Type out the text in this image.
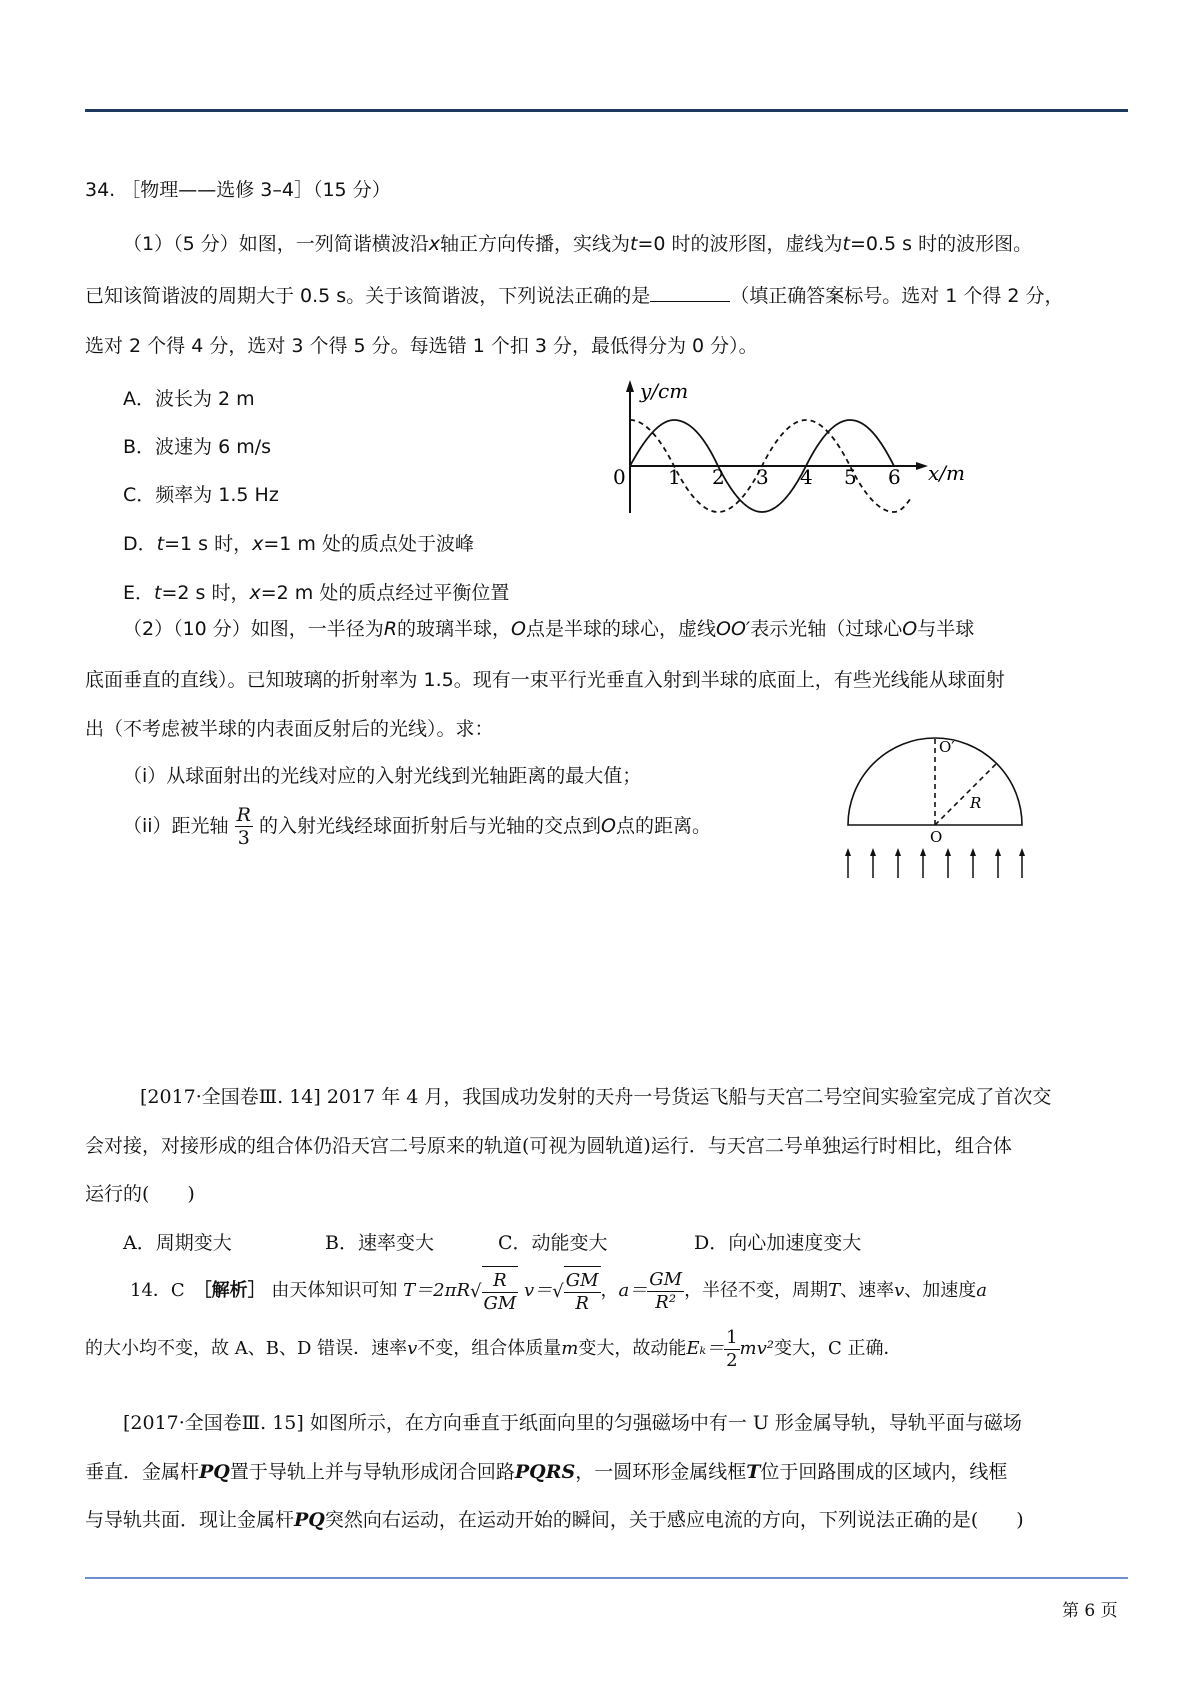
34. ［物理——选修 3–4］（15 分）
（1）（5 分）如图，一列简谐横波沿x轴正方向传播，实线为t=0 时的波形图，虚线为t=0.5 s 时的波形图。
已知该简谐波的周期大于 0.5 s。关于该简谐波，下列说法正确的是	（填正确答案标号。选对 1 个得 2 分，
选对 2 个得 4 分，选对 3 个得 5 分。每选错 1 个扣 3 分，最低得分为 0 分）。
A．波长为 2 m
B．波速为 6 m/s
C．频率为 1.5 Hz
D．t=1 s 时，x=1 m 处的质点处于波峰
E．t=2 s 时，x=2 m 处的质点经过平衡位置
y/cm
x/m
0 1 2 3 4 5 6
（2）（10 分）如图，一半径为R的玻璃半球，O点是半球的球心，虚线OO′表示光轴（过球心O与半球
底面垂直的直线）。已知玻璃的折射率为 1.5。现有一束平行光垂直入射到半球的底面上，有些光线能从球面射
出（不考虑被半球的内表面反射后的光线）。求：
（i）从球面射出的光线对应的入射光线到光轴距离的最大值；
（ii）距光轴 $\frac{R}{3}$ 的入射光线经球面折射后与光轴的交点到O点的距离。
O′
O
R
[2017·全国卷Ⅲ. 14] 2017 年 4 月，我国成功发射的天舟一号货运飞船与天宫二号空间实验室完成了首次交
会对接，对接形成的组合体仍沿天宫二号原来的轨道(可视为圆轨道)运行．与天宫二号单独运行时相比，组合体
运行的(　　)
A．周期变大	B．速率变大	C．动能变大	D．向心加速度变大
14．C　［解析］ 由天体知识可知 $T=2\pi R√ \frac{R}{GM} v=√ \frac{GM}{R}$ ，$a= \frac{GM}{\text{R²}}$ ，半径不变，周期T、速率v、加速度a
的大小均不变，故 A、B、D 错误．速率v不变，组合体质量m变大，故动能$E_k= \frac{1}{2} mv^2$变大，C 正确．
[2017·全国卷Ⅲ. 15] 如图所示，在方向垂直于纸面向里的匀强磁场中有一 U 形金属导轨，导轨平面与磁场
垂直．金属杆PQ置于导轨上并与导轨形成闭合回路PQRS，一圆环形金属线框T位于回路围成的区域内，线框
与导轨共面．现让金属杆PQ突然向右运动，在运动开始的瞬间，关于感应电流的方向，下列说法正确的是(　　)
第 6 页
